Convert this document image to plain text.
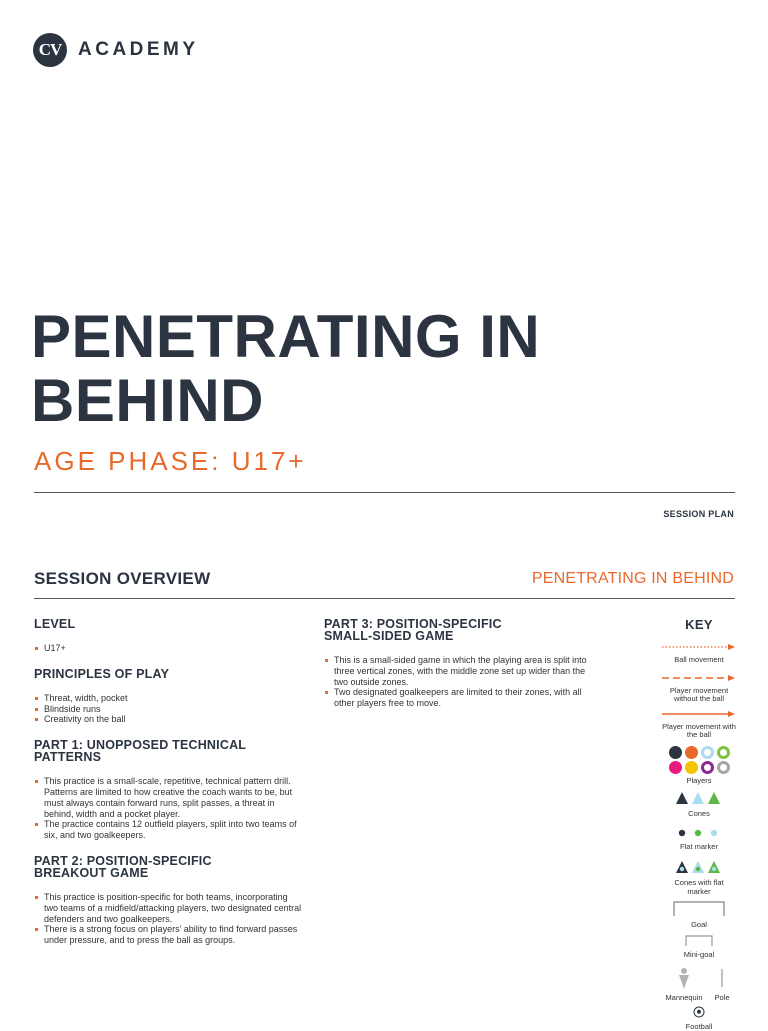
CV ACADEMY
PENETRATING IN BEHIND
AGE PHASE: U17+
SESSION PLAN
SESSION OVERVIEW	PENETRATING IN BEHIND
LEVEL
U17+
PRINCIPLES OF PLAY
Threat, width, pocket
Blindside runs
Creativity on the ball
PART 1: UNOPPOSED TECHNICAL PATTERNS
This practice is a small-scale, repetitive, technical pattern drill. Patterns are limited to how creative the coach wants to be, but must always contain forward runs, split passes, a threat in behind, width and a pocket player.
The practice contains 12 outfield players, split into two teams of six, and two goalkeepers.
PART 2: POSITION-SPECIFIC BREAKOUT GAME
This practice is position-specific for both teams, incorporating two teams of a midfield/attacking players, two designated central defenders and two goalkeepers.
There is a strong focus on players’ ability to find forward passes under pressure, and to press the ball as groups.
PART 3: POSITION-SPECIFIC SMALL-SIDED GAME
This is a small-sided game in which the playing area is split into three vertical zones, with the middle zone set up wider than the two outside zones.
Two designated goalkeepers are limited to their zones, with all other players free to move.
KEY
Ball movement
Player movement without the ball
Player movement with the ball
Players
Cones
Flat marker
Cones with flat marker
Goal
Mini-goal
Mannequin	Pole
Football
